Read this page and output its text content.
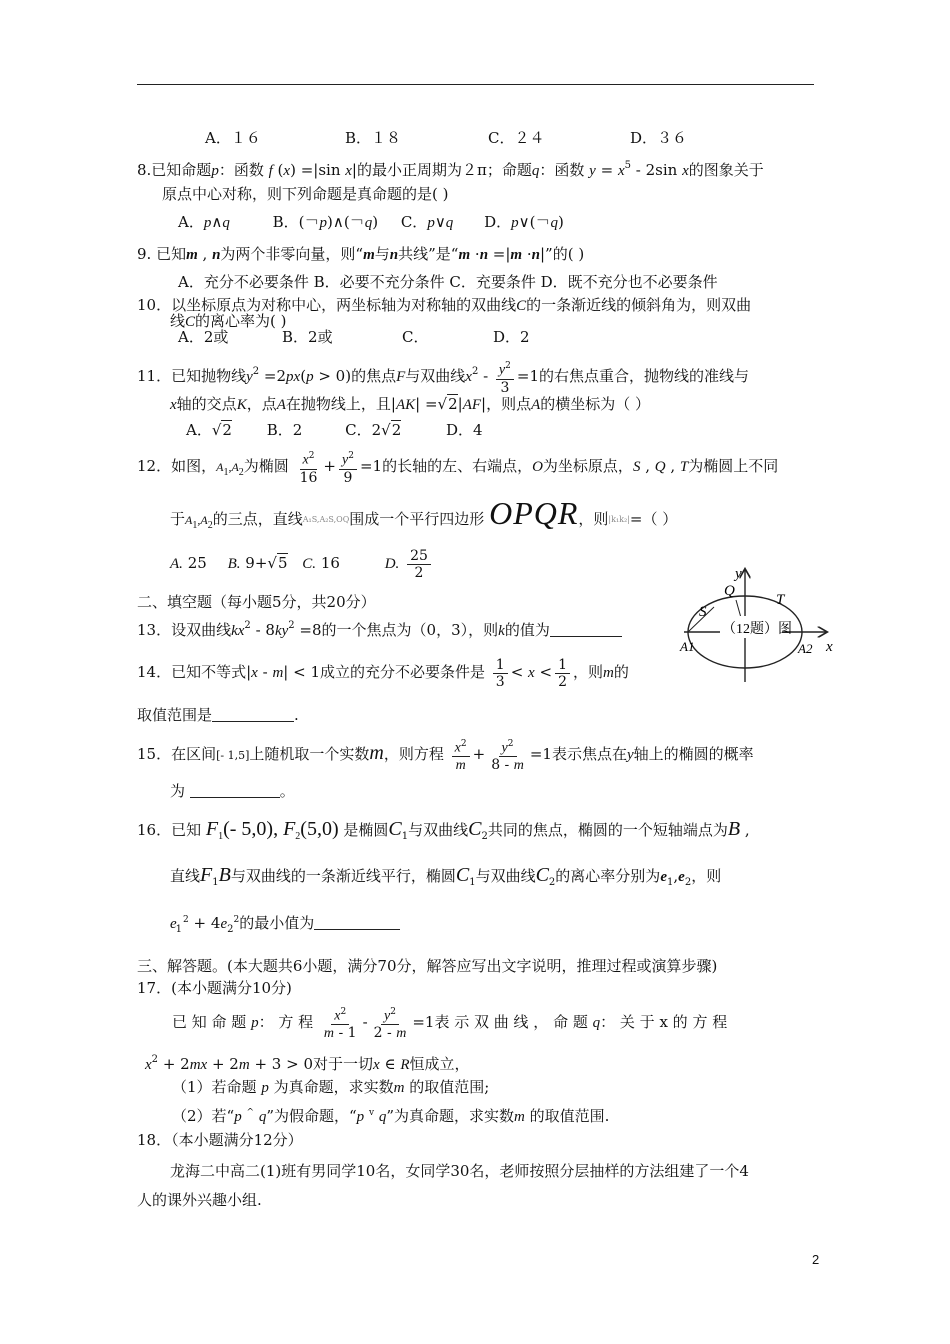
A．１６	B．１８	C．２４	D．３６
8.已知命题p：函数 f (x) =|sin x|的最小正周期为２π；命题q：函数 $y = x^5 - 2\sin$ x的图象关于
原点中心对称，则下列命题是真命题的是( )
A．p∧q	B．(￢p)∧(￢q) C．p∨q D．p∨(￢q)
9. 已知m , n为两个非零向量，则“m与n共线”是“m ·n =|m ·n|”的( )
A．充分不必要条件 B．必要不充分条件 C．充要条件 D．既不充分也不必要条件
10．以坐标原点为对称中心，两坐标轴为对称轴的双曲线C的一条渐近线的倾斜角为，则双曲
线C的离心率为( )
A．2或	B．2或	C．	D．2
11．已知抛物线$y^2 =2px(p > 0)$的焦点F与双曲线$x^2 - \frac{y^2}{3} =1$的右焦点重合，抛物线的准线与
x轴的交点K，点A在抛物线上，且|AK| =√2|AF|，则点A的横坐标为（ ）
A．√2 B．2	C．2√2	D．4
12．如图，$A_1,A_2$为椭圆 $\frac{x^2}{16} + \frac{y^2}{9} =1$的长轴的左、右端点，O为坐标原点，S , Q , T为椭圆上不同
于$A_1,A_2$的三点，直线A₁S,A₂S,OQ围成一个平行四边形 OPQR，则|k₁k₂|=（ ）
A. 25 B. 9+√5 C. 16	D. $\frac{25}{2}$
二、填空题（每小题5分，共20分）
13．设双曲线$kx^2 - 8ky^2 =8$的一个焦点为（0，3），则k的值为
14．已知不等式|x - m| < 1成立的充分不必要条件是 $\frac{1}{3} < x < \frac{1}{2}$ ，则m的
取值范围是	.
15．在区间[- 1,5]上随机取一个实数m，则方程 $\frac{x^2}{m} + \frac{y^2}{8 - m} =1$表示焦点在y轴上的椭圆的概率
为	。
16．已知 $F_1(-$ 5,0), $F_2(5,0)$ 是椭圆$C_1$与双曲线$C_2$共同的焦点，椭圆的一个短轴端点为B ,
直线$F_1B$与双曲线的一条渐近线平行，椭圆$C_1$与双曲线$C_2$的离心率分别为$e_1,e_2$，则
$e_1^2 + 4e_2^2$的最小值为
三、解答题。(本大题共6小题，满分70分，解答应写出文字说明，推理过程或演算步骤)
17．(本小题满分10分)
已 知 命 题 p： 方 程 $\frac{x^2}{m - 1} - \frac{y^2}{2 - m} =1$表 示 双 曲 线 ， 命 题 q： 关 于 x 的 方 程
$x^2 + 2mx + 2m + 3 > 0$对于一切x ∈ R恒成立，
（1）若命题 p 为真命题，求实数m 的取值范围;
（2）若“p ^ q”为假命题，“p $^v$ q”为真命题，求实数m 的取值范围.
18．（本小题满分12分）
龙海二中高二(1)班有男同学10名，女同学30名，老师按照分层抽样的方法组建了一个4
人的课外兴趣小组.
（12题）图
y
Q
T
S
A1	A2 x
2
